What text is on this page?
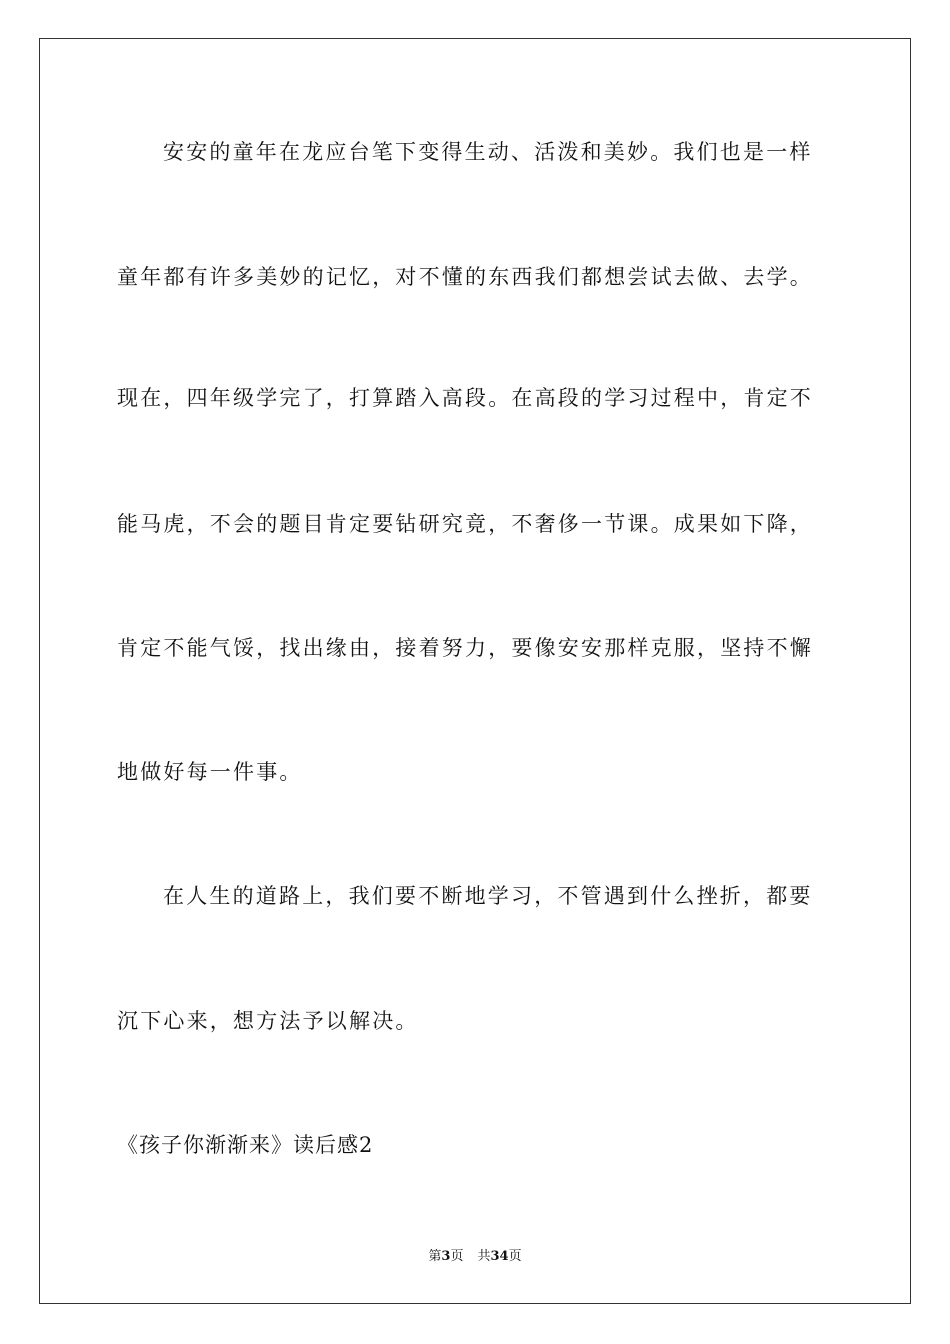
安安的童年在龙应台笔下变得生动、活泼和美妙。我们也是一样
童年都有许多美妙的记忆，对不懂的东西我们都想尝试去做、去学。
现在，四年级学完了，打算踏入高段。在高段的学习过程中，肯定不
能马虎，不会的题目肯定要钻研究竟，不奢侈一节课。成果如下降，
肯定不能气馁，找出缘由，接着努力，要像安安那样克服，坚持不懈
地做好每一件事。
在人生的道路上，我们要不断地学习，不管遇到什么挫折，都要
沉下心来，想方法予以解决。
《孩子你渐渐来》读后感2
第3页 共34页
